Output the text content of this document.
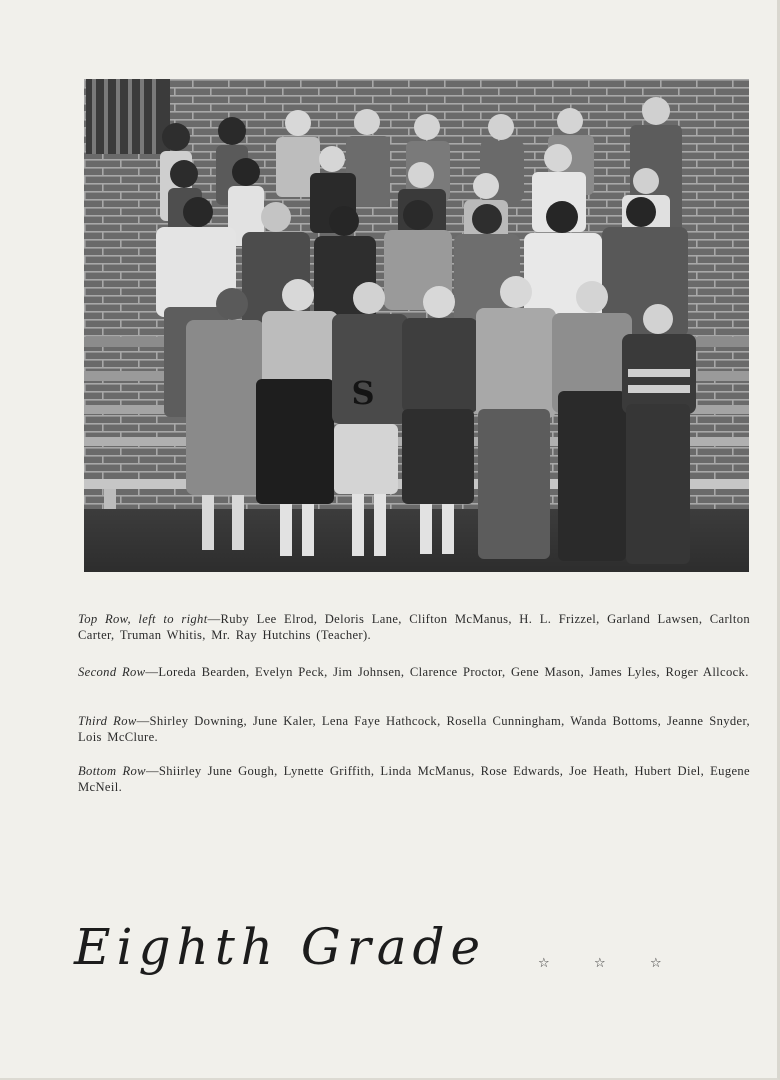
S
Top Row, left to right—Ruby Lee Elrod, Deloris Lane, Clifton McManus, H. L. Frizzel, Garland Lawsen, Carlton Carter, Truman Whitis, Mr. Ray Hutchins (Teacher).
Second Row—Loreda Bearden, Evelyn Peck, Jim Johnsen, Clarence Proctor, Gene Mason, James Lyles, Roger Allcock.
Third Row—Shirley Downing, June Kaler, Lena Faye Hathcock, Rosella Cunningham, Wanda Bottoms, Jeanne Snyder, Lois McClure.
Bottom Row—Shiirley June Gough, Lynette Griffith, Linda McManus, Rose Edwards, Joe Heath, Hubert Diel, Eugene McNeil.
Eighth Grade	☆	☆	☆
